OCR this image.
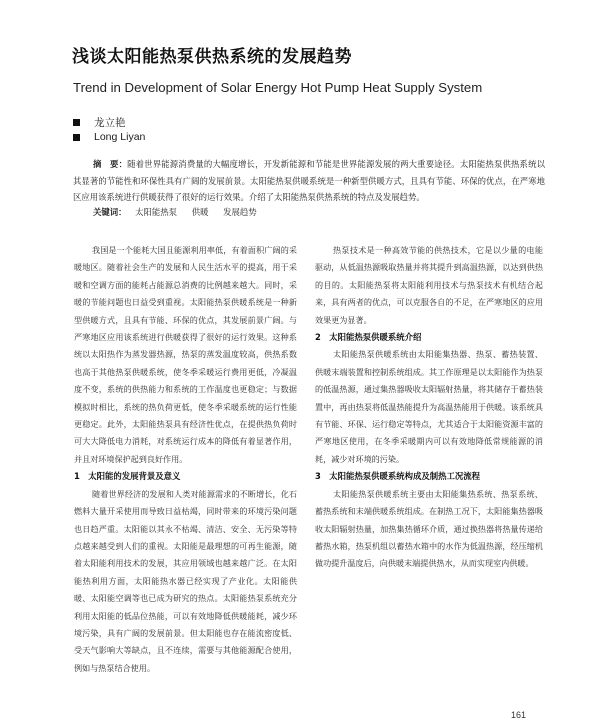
浅谈太阳能热泵供热系统的发展趋势
Trend in Development of Solar Energy Hot Pump Heat Supply System
龙立艳
Long Liyan
摘　要：随着世界能源消费量的大幅度增长，开发新能源和节能是世界能源发展的两大重要途径。太阳能热泵供热系统以其显著的节能性和环保性具有广阔的发展前景。太阳能热泵供暖系统是一种新型供暖方式，且具有节能、环保的优点，在严寒地区应用该系统进行供暖获得了很好的运行效果。介绍了太阳能热泵供热系统的特点及发展趋势。
关键词： 太阳能热泵 供暖 发展趋势

我国是一个能耗大国且能源利用率低，有着面积广阔的采暖地区。随着社会生产的发展和人民生活水平的提高，用于采暖和空调方面的能耗占能源总消费的比例越来越大。同时，采暖的节能问题也日益受到重视。太阳能热泵供暖系统是一种新型供暖方式，且具有节能、环保的优点，其发展前景广阔。与严寒地区应用该系统进行供暖获得了很好的运行效果。这种系统以太阳热作为蒸发器热源，热泵的蒸发温度较高，供热系数也高于其他热泵供暖系统，使冬季采暖运行费用更低，冷凝温度不变，系统的供热能力和系统的工作温度也更稳定；与数据模拟时相比，系统的热负荷更低，使冬季采暖系统的运行性能更稳定。此外，太阳能热泵具有经济性优点，在提供热负荷时可大大降低电力消耗，对系统运行成本的降低有着显著作用，并且对环境保护起到良好作用。

1　太阳能的发展背景及意义

随着世界经济的发展和人类对能源需求的不断增长，化石燃料大量开采使用而导致日益枯竭，同时带来的环境污染问题也日趋严重。太阳能以其永不枯竭、清洁、安全、无污染等特点越来越受到人们的重视。太阳能是最理想的可再生能源，随着太阳能利用技术的发展，其应用领域也越来越广泛。在太阳能热利用方面，太阳能热水器已经实现了产业化。太阳能供暖、太阳能空调等也已成为研究的热点。太阳能热泵系统充分利用太阳能的低品位热能，可以有效地降低供暖能耗，减少环境污染，具有广阔的发展前景。但太阳能也存在能流密度低、受天气影响大等缺点，且不连续，需要与其他能源配合使用，例如与热泵结合使用。

热泵技术是一种高效节能的供热技术，它是以少量的电能驱动，从低温热源吸取热量并将其提升到高温热源，以达到供热的目的。太阳能热泵将太阳能利用技术与热泵技术有机结合起来，具有两者的优点，可以克服各自的不足，在严寒地区的应用效果更为显著。

2　太阳能热泵供暖系统介绍

太阳能热泵供暖系统由太阳能集热器、热泵、蓄热装置、供暖末端装置和控制系统组成。其工作原理是以太阳能作为热泵的低温热源，通过集热器吸收太阳辐射热量，将其储存于蓄热装置中，再由热泵将低温热能提升为高温热能用于供暖。该系统具有节能、环保、运行稳定等特点，尤其适合于太阳能资源丰富的严寒地区使用，在冬季采暖期内可以有效地降低常规能源的消耗，减少对环境的污染。

3　太阳能热泵供暖系统构成及制热工况流程

太阳能热泵供暖系统主要由太阳能集热系统、热泵系统、蓄热系统和末端供暖系统组成。在制热工况下，太阳能集热器吸收太阳辐射热量，加热集热循环介质，通过换热器将热量传递给蓄热水箱，热泵机组以蓄热水箱中的水作为低温热源，经压缩机做功提升温度后，向供暖末端提供热水，从而实现室内供暖。

161
